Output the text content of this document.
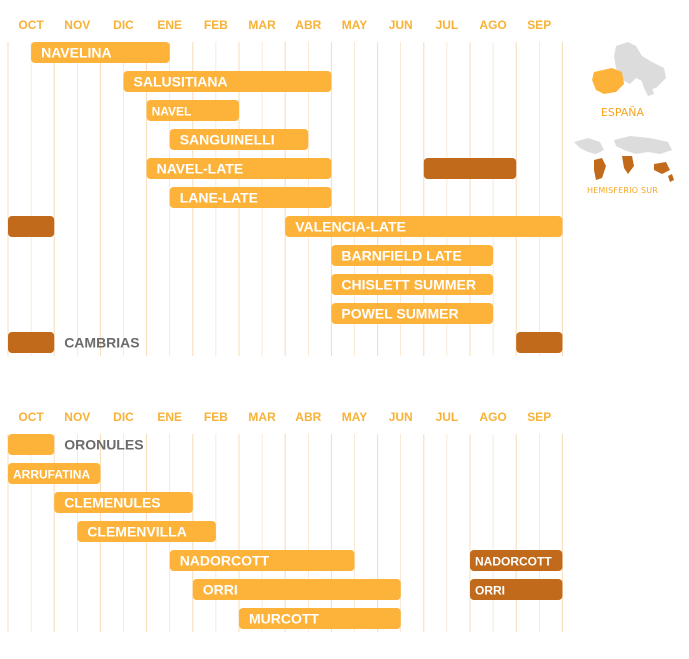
OCT NOV DIC ENE FEB MAR ABR MAY JUN JUL AGO SEP
NAVELINA
SALUSITIANA
NAVEL
SANGUINELLI
NAVEL-LATE
LANE-LATE
VALENCIA-LATE
BARNFIELD LATE
CHISLETT SUMMER
POWEL SUMMER
CAMBRIAS
OCT NOV DIC ENE FEB MAR ABR MAY JUN JUL AGO SEP
ORONULES
ARRUFATINA
CLEMENULES
CLEMENVILLA
NADORCOTT	NADORCOTT
ORRI	ORRI
MURCOTT
ESPAÑA
HEMISFERIO SUR
